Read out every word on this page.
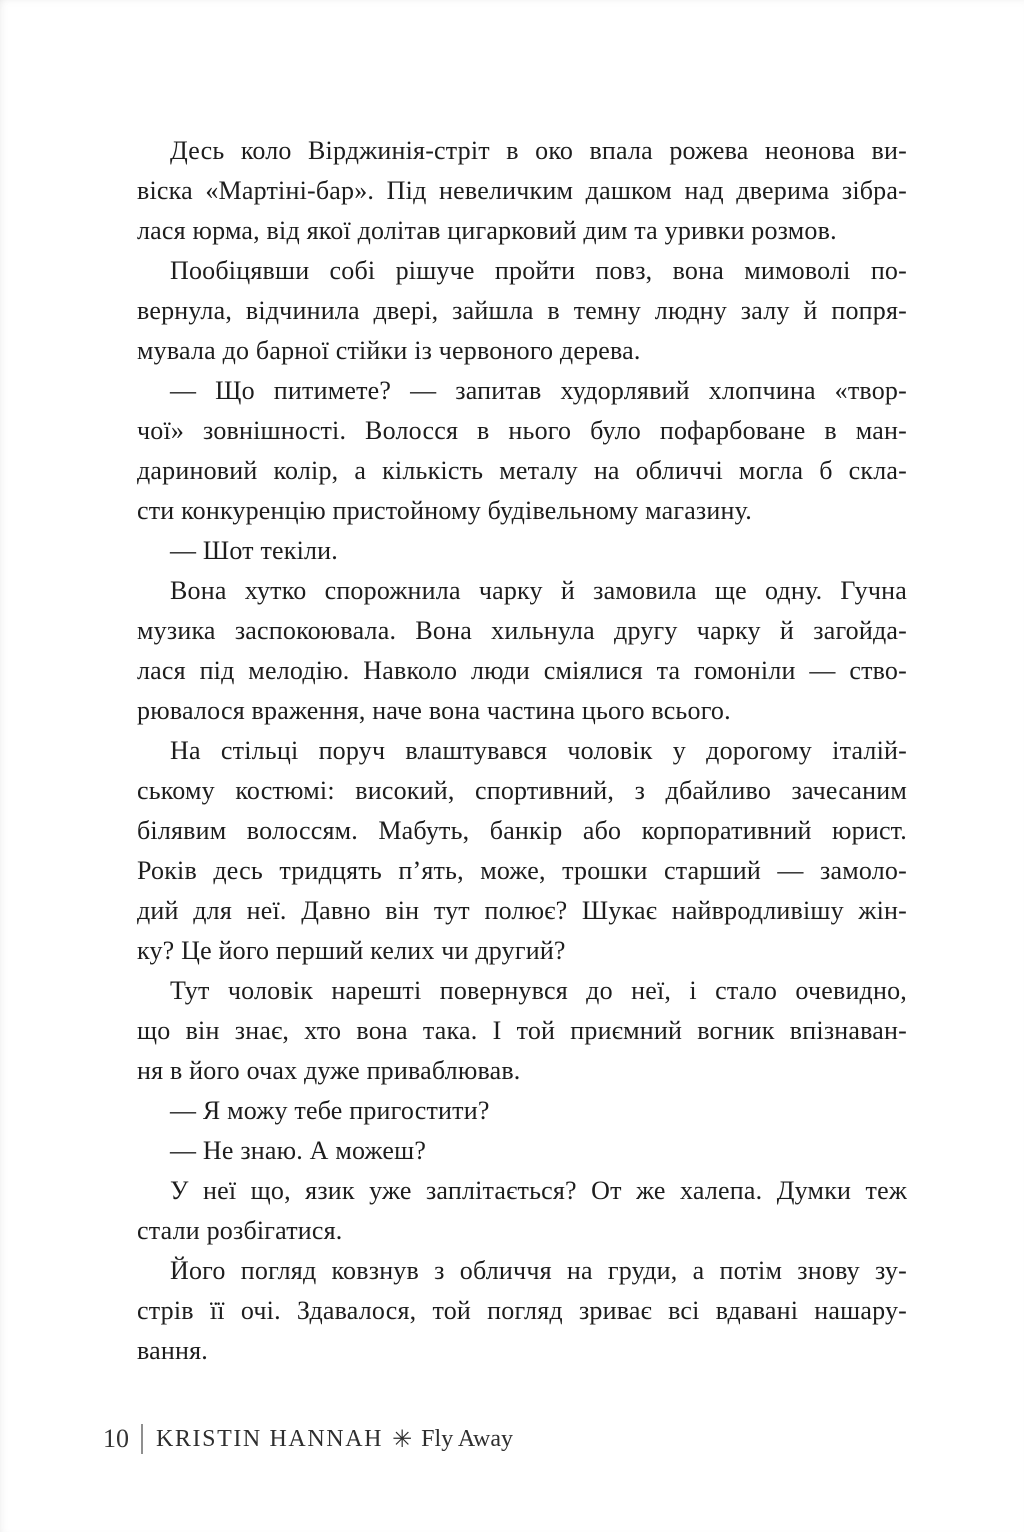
Десь коло Вірджинія-стріт в око впала рожева неонова ви-
віска «Мартіні-бар». Під невеличким дашком над дверима зібра-
лася юрма, від якої долітав цигарковий дим та уривки розмов.

Пообіцявши собі рішуче пройти повз, вона мимоволі по-
вернула, відчинила двері, зайшла в темну людну залу й попря-
мувала до барної стійки із червоного дерева.

— Що питимете? — запитав худорлявий хлопчина «твор-
чої» зовнішності. Волосся в нього було пофарбоване в ман-
дариновий колір, а кількість металу на обличчі могла б скла-
сти конкуренцію пристойному будівельному магазину.

— Шот текіли.

Вона хутко спорожнила чарку й замовила ще одну. Гучна
музика заспокоювала. Вона хильнула другу чарку й загойда-
лася під мелодію. Навколо люди сміялися та гомоніли — ство-
рювалося враження, наче вона частина цього всього.

На стільці поруч влаштувався чоловік у дорогому італій-
ському костюмі: високий, спортивний, з дбайливо зачесаним
білявим волоссям. Мабуть, банкір або корпоративний юрист.
Років десь тридцять п’ять, може, трошки старший — замоло-
дий для неї. Давно він тут полює? Шукає найвродливішу жін-
ку? Це його перший келих чи другий?

Тут чоловік нарешті повернувся до неї, і стало очевидно,
що він знає, хто вона така. І той приємний вогник впізнаван-
ня в його очах дуже приваблював.

— Я можу тебе пригостити?

— Не знаю. А можеш?

У неї що, язик уже заплітається? От же халепа. Думки теж
стали розбігатися.

Його погляд ковзнув з обличчя на груди, а потім знову зу-
стрів її очі. Здавалося, той погляд зриває всі вдавані нашару-
вання.

10 KRISTIN HANNAH ✳ Fly Away
